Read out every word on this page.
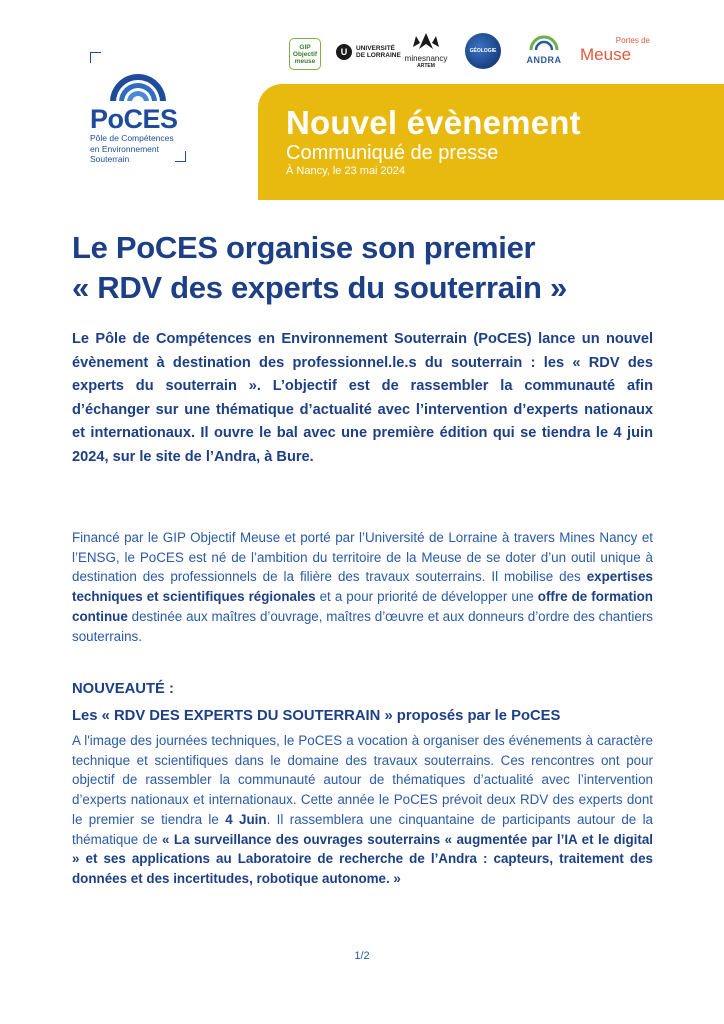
PoCES
Pôle de Compétences
en Environnement
Souterrain
GIP
Objectif
meuse
U	UNIVERSITÉ
DE LORRAINE minesnancy
ARTEM
GÉOLOGIE
ANDRA
Portes de
Meuse
Nouvel évènement
Communiqué de presse
À Nancy, le 23 mai 2024
Le PoCES organise son premier
« RDV des experts du souterrain »
Le Pôle de Compétences en Environnement Souterrain (PoCES) lance un nouvel évènement à destination des professionnel.le.s du souterrain : les « RDV des experts du souterrain ». L’objectif est de rassembler la communauté afin d’échanger sur une thématique d’actualité avec l’intervention d’experts nationaux et internationaux. Il ouvre le bal avec une première édition qui se tiendra le 4 juin 2024, sur le site de l’Andra, à Bure.
Financé par le GIP Objectif Meuse et porté par l’Université de Lorraine à travers Mines Nancy et l’ENSG, le PoCES est né de l’ambition du territoire de la Meuse de se doter d’un outil unique à destination des professionnels de la filière des travaux souterrains. Il mobilise des expertises techniques et scientifiques régionales et a pour priorité de développer une offre de formation continue destinée aux maîtres d’ouvrage, maîtres d’œuvre et aux donneurs d’ordre des chantiers souterrains.
NOUVEAUTÉ :
Les « RDV DES EXPERTS DU SOUTERRAIN » proposés par le PoCES
A l'image des journées techniques, le PoCES a vocation à organiser des événements à caractère technique et scientifiques dans le domaine des travaux souterrains. Ces rencontres ont pour objectif de rassembler la communauté autour de thématiques d’actualité avec l’intervention d’experts nationaux et internationaux. Cette année le PoCES prévoit deux RDV des experts dont le premier se tiendra le 4 Juin. Il rassemblera une cinquantaine de participants autour de la thématique de « La surveillance des ouvrages souterrains « augmentée par l’IA et le digital » et ses applications au Laboratoire de recherche de l’Andra : capteurs, traitement des données et des incertitudes, robotique autonome. »
1/2
